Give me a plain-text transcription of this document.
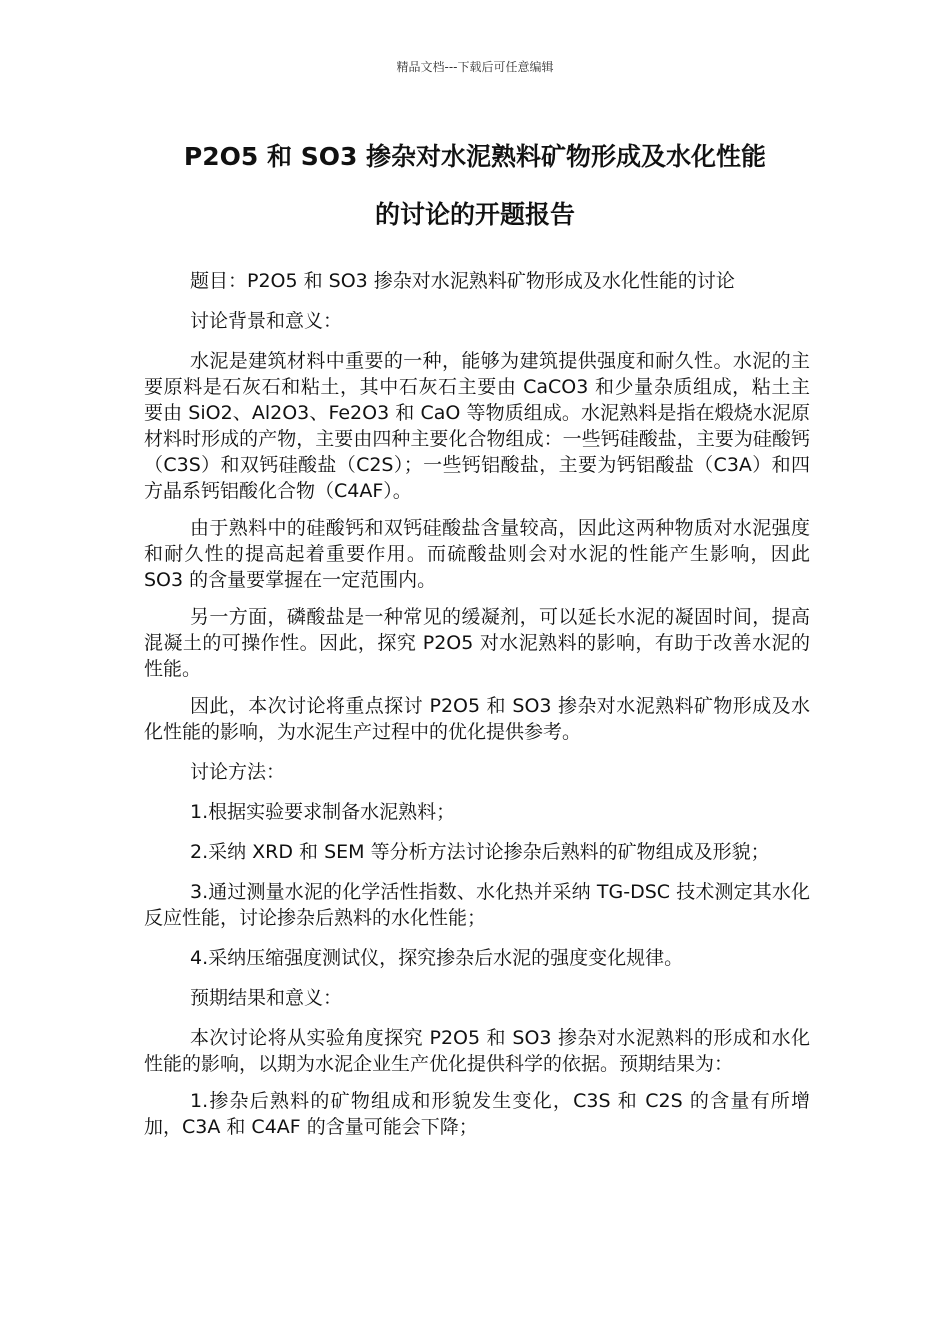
精品文档---下载后可任意编辑
P2O5 和 SO3 掺杂对水泥熟料矿物形成及水化性能
的讨论的开题报告

题目：P2O5 和 SO3 掺杂对水泥熟料矿物形成及水化性能的讨论

讨论背景和意义：

水泥是建筑材料中重要的一种，能够为建筑提供强度和耐久性。水泥的主要原料是石灰石和粘土，其中石灰石主要由 CaCO3 和少量杂质组成，粘土主要由 SiO2、Al2O3、Fe2O3 和 CaO 等物质组成。水泥熟料是指在煅烧水泥原材料时形成的产物，主要由四种主要化合物组成：一些钙硅酸盐，主要为硅酸钙（C3S）和双钙硅酸盐（C2S）；一些钙铝酸盐，主要为钙铝酸盐（C3A）和四方晶系钙铝酸化合物（C4AF）。

由于熟料中的硅酸钙和双钙硅酸盐含量较高，因此这两种物质对水泥强度和耐久性的提高起着重要作用。而硫酸盐则会对水泥的性能产生影响，因此 SO3 的含量要掌握在一定范围内。

另一方面，磷酸盐是一种常见的缓凝剂，可以延长水泥的凝固时间，提高混凝土的可操作性。因此，探究 P2O5 对水泥熟料的影响，有助于改善水泥的性能。

因此，本次讨论将重点探讨 P2O5 和 SO3 掺杂对水泥熟料矿物形成及水化性能的影响，为水泥生产过程中的优化提供参考。

讨论方法：

1.根据实验要求制备水泥熟料；

2.采纳 XRD 和 SEM 等分析方法讨论掺杂后熟料的矿物组成及形貌；

3.通过测量水泥的化学活性指数、水化热并采纳 TG-DSC 技术测定其水化反应性能，讨论掺杂后熟料的水化性能；

4.采纳压缩强度测试仪，探究掺杂后水泥的强度变化规律。

预期结果和意义：

本次讨论将从实验角度探究 P2O5 和 SO3 掺杂对水泥熟料的形成和水化性能的影响，以期为水泥企业生产优化提供科学的依据。预期结果为：

1.掺杂后熟料的矿物组成和形貌发生变化，C3S 和 C2S 的含量有所增加，C3A 和 C4AF 的含量可能会下降；
